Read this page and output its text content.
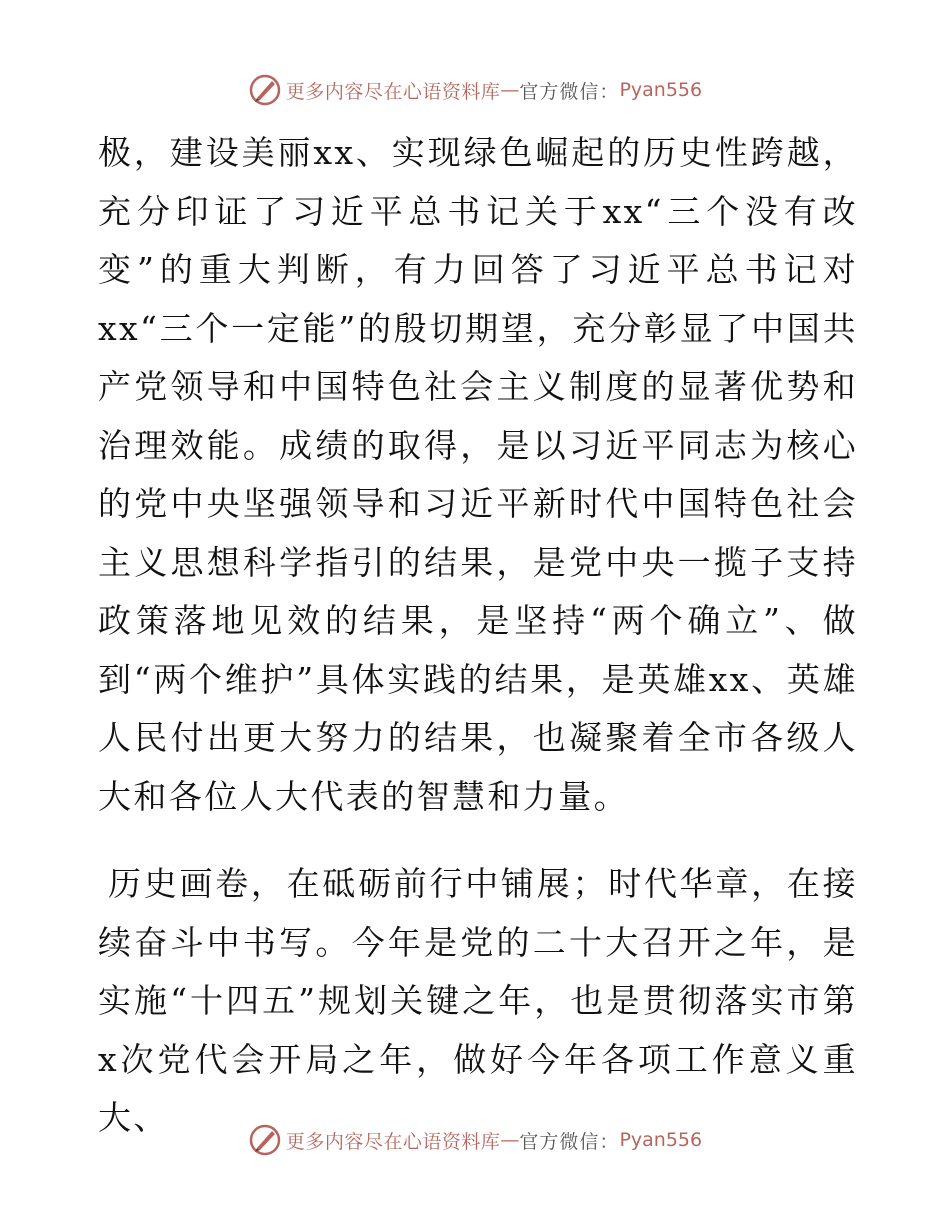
更多内容尽在心语资料库 — 官方微信： Pyan556

极，建设美丽xx、实现绿色崛起的历史性跨越，充分印证了习近平总书记关于xx“三个没有改变”的重大判断，有力回答了习近平总书记对xx“三个一定能”的殷切期望，充分彰显了中国共产党领导和中国特色社会主义制度的显著优势和治理效能。成绩的取得，是以习近平同志为核心的党中央坚强领导和习近平新时代中国特色社会主义思想科学指引的结果，是党中央一揽子支持政策落地见效的结果，是坚持“两个确立”、做到“两个维护”具体实践的结果，是英雄xx、英雄人民付出更大努力的结果，也凝聚着全市各级人大和各位人大代表的智慧和力量。

历史画卷，在砥砺前行中铺展；时代华章，在接续奋斗中书写。今年是党的二十大召开之年，是实施“十四五”规划关键之年，也是贯彻落实市第x次党代会开局之年，做好今年各项工作意义重大、

更多内容尽在心语资料库 — 官方微信： Pyan556
